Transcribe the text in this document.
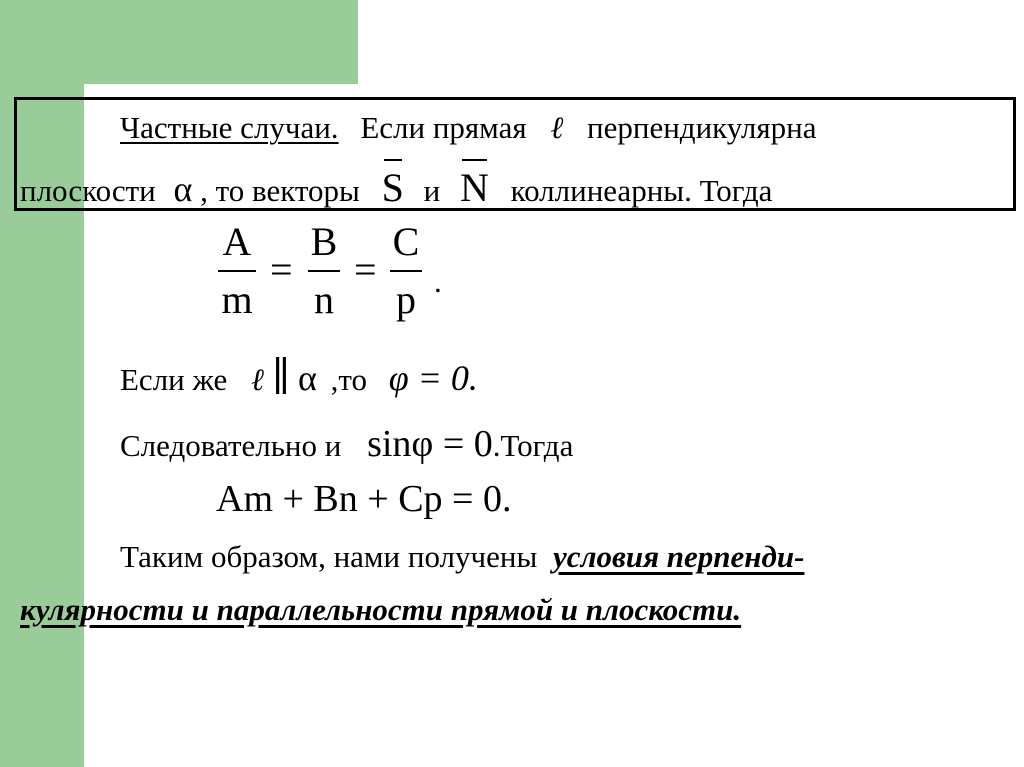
Частные случаи. Если прямая ℓ перпендикулярна
плоскости α , то векторы S и N коллинеарны. Тогда
A
m
=
B
n
=
C
p .
Если же ℓ ∥ α ,то φ = 0.
Следовательно и sinφ = 0.Тогда
Am + Bn + Cp = 0.
Таким образом, нами получены условия перпенди-
кулярности и параллельности прямой и плоскости.
